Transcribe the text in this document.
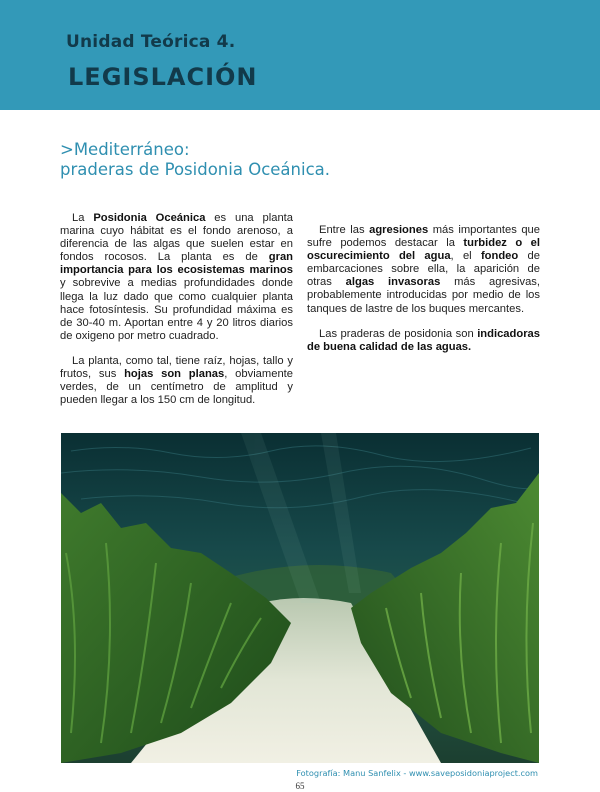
Unidad Teórica 4.
LEGISLACIÓN
>Mediterráneo:
praderas de Posidonia Oceánica.

La Posidonia Oceánica es una planta marina cuyo hábitat es el fondo arenoso, a diferencia de las algas que suelen estar en fondos rocosos. La planta es de gran importancia para los ecosistemas marinos y sobrevive a medias profundidades donde llega la luz dado que como cualquier planta hace fotosíntesis. Su profundidad máxima es de 30-40 m. Aportan entre 4 y 20 litros diarios de oxigeno por metro cuadrado.

La planta, como tal, tiene raíz, hojas, tallo y frutos, sus hojas son planas, obviamente verdes, de un centímetro de amplitud y pueden llegar a los 150 cm de longitud.

Entre las agresiones más importantes que sufre podemos destacar la turbidez o el oscurecimiento del agua, el fondeo de embarcaciones sobre ella, la aparición de otras algas invasoras más agresivas, probablemente introducidas por medio de los tanques de lastre de los buques mercantes.

Las praderas de posidonia son indicadoras de buena calidad de las aguas.

Fotografía: Manu Sanfelix - www.saveposidoniaproject.com
65
